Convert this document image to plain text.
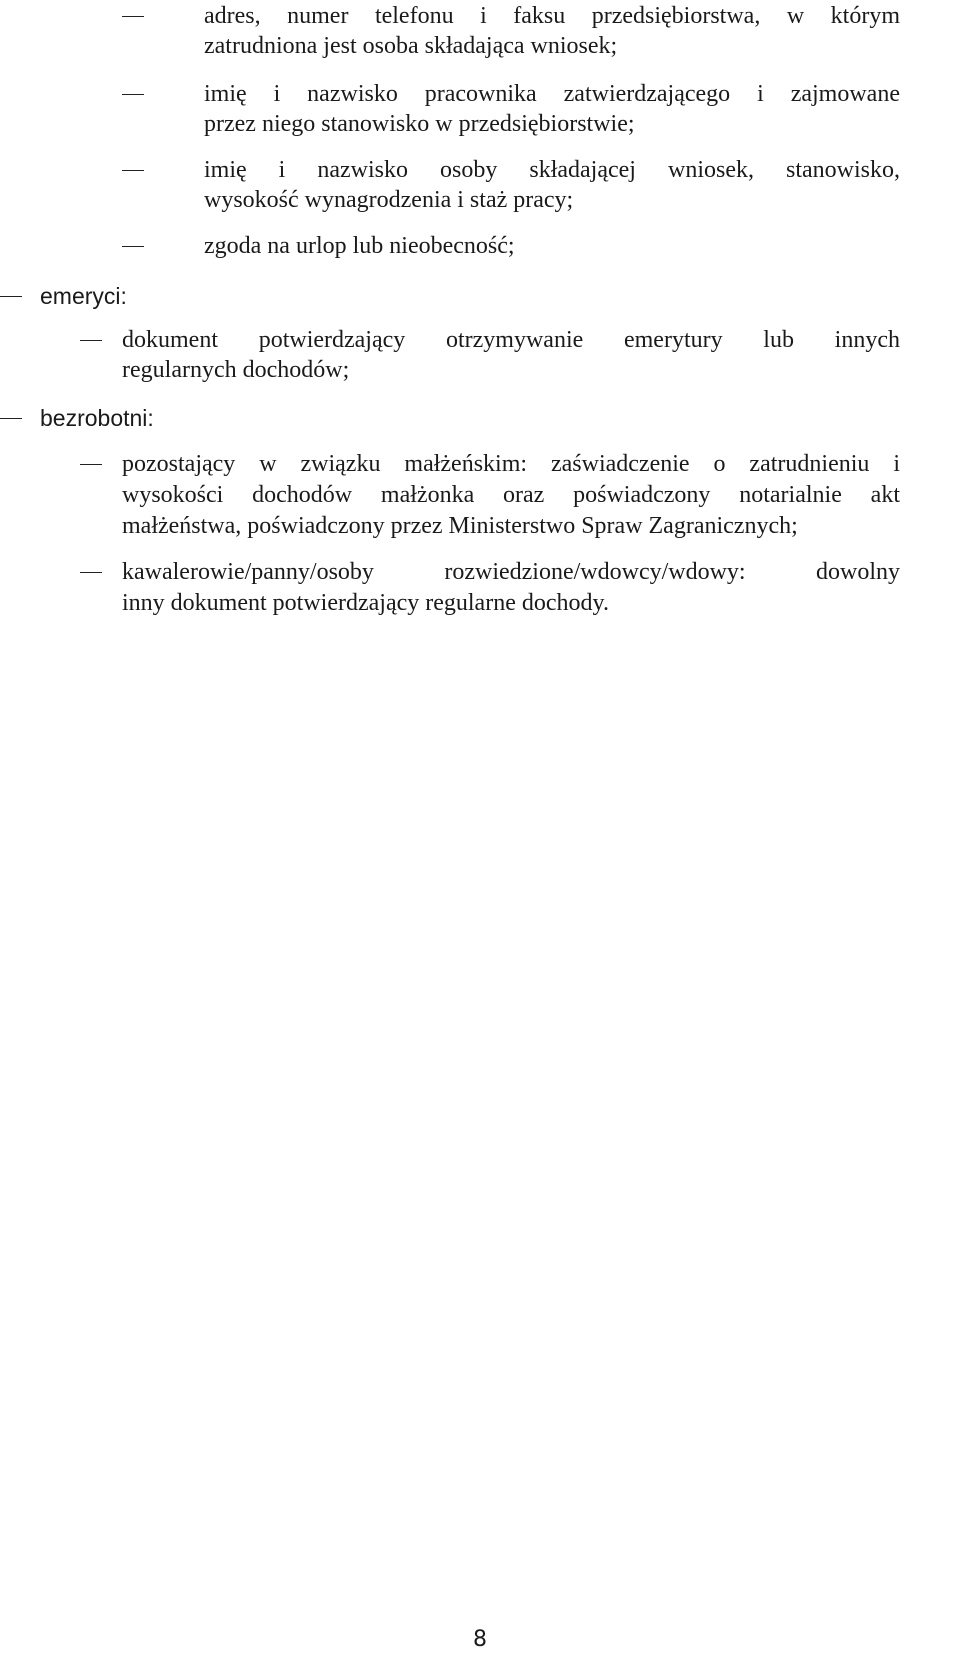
adres, numer telefonu i faksu przedsiębiorstwa, w którym
zatrudniona jest osoba składająca wniosek;
imię i nazwisko pracownika zatwierdzającego i zajmowane
przez niego stanowisko w przedsiębiorstwie;
imię i nazwisko osoby składającej wniosek, stanowisko,
wysokość wynagrodzenia i staż pracy;
zgoda na urlop lub nieobecność;
emeryci:
dokument potwierdzający otrzymywanie emerytury lub innych
regularnych dochodów;
bezrobotni:
pozostający w związku małżeńskim: zaświadczenie o zatrudnieniu i
wysokości dochodów małżonka oraz poświadczony notarialnie akt
małżeństwa, poświadczony przez Ministerstwo Spraw Zagranicznych;
kawalerowie/panny/osoby rozwiedzione/wdowcy/wdowy: dowolny
inny dokument potwierdzający regularne dochody.
8
